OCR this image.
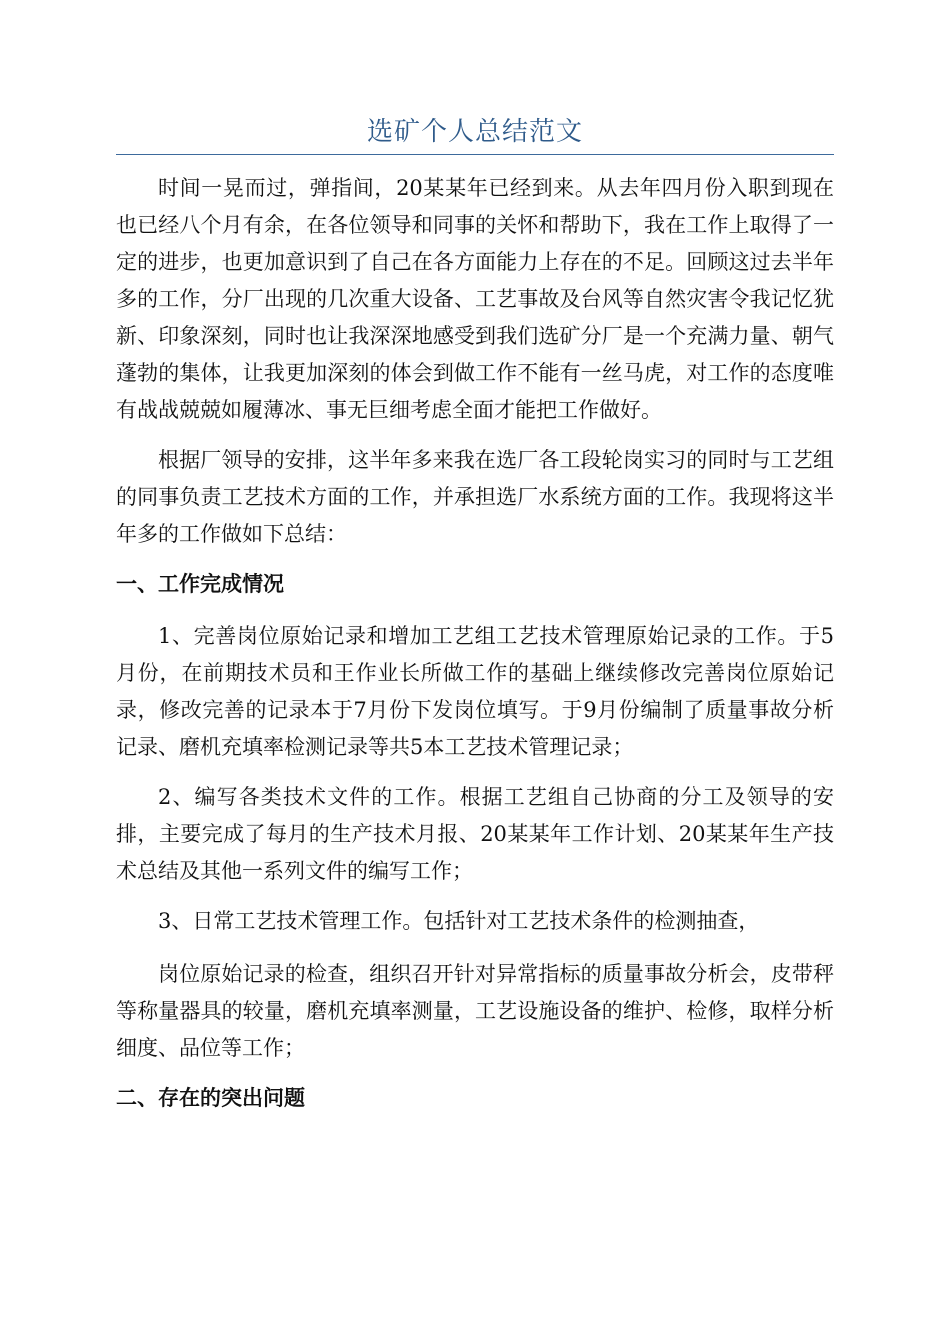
选矿个人总结范文

时间一晃而过，弹指间，20某某年已经到来。从去年四月份入职到现在也已经八个月有余，在各位领导和同事的关怀和帮助下，我在工作上取得了一定的进步，也更加意识到了自己在各方面能力上存在的不足。回顾这过去半年多的工作，分厂出现的几次重大设备、工艺事故及台风等自然灾害令我记忆犹新、印象深刻，同时也让我深深地感受到我们选矿分厂是一个充满力量、朝气蓬勃的集体，让我更加深刻的体会到做工作不能有一丝马虎，对工作的态度唯有战战兢兢如履薄冰、事无巨细考虑全面才能把工作做好。

根据厂领导的安排，这半年多来我在选厂各工段轮岗实习的同时与工艺组的同事负责工艺技术方面的工作，并承担选厂水系统方面的工作。我现将这半年多的工作做如下总结：

一、工作完成情况

1、完善岗位原始记录和增加工艺组工艺技术管理原始记录的工作。于5月份，在前期技术员和王作业长所做工作的基础上继续修改完善岗位原始记录，修改完善的记录本于7月份下发岗位填写。于9月份编制了质量事故分析记录、磨机充填率检测记录等共5本工艺技术管理记录；

2、编写各类技术文件的工作。根据工艺组自己协商的分工及领导的安排，主要完成了每月的生产技术月报、20某某年工作计划、20某某年生产技术总结及其他一系列文件的编写工作；

3、日常工艺技术管理工作。包括针对工艺技术条件的检测抽查，

岗位原始记录的检查，组织召开针对异常指标的质量事故分析会，皮带秤等称量器具的较量，磨机充填率测量，工艺设施设备的维护、检修，取样分析细度、品位等工作；

二、存在的突出问题
